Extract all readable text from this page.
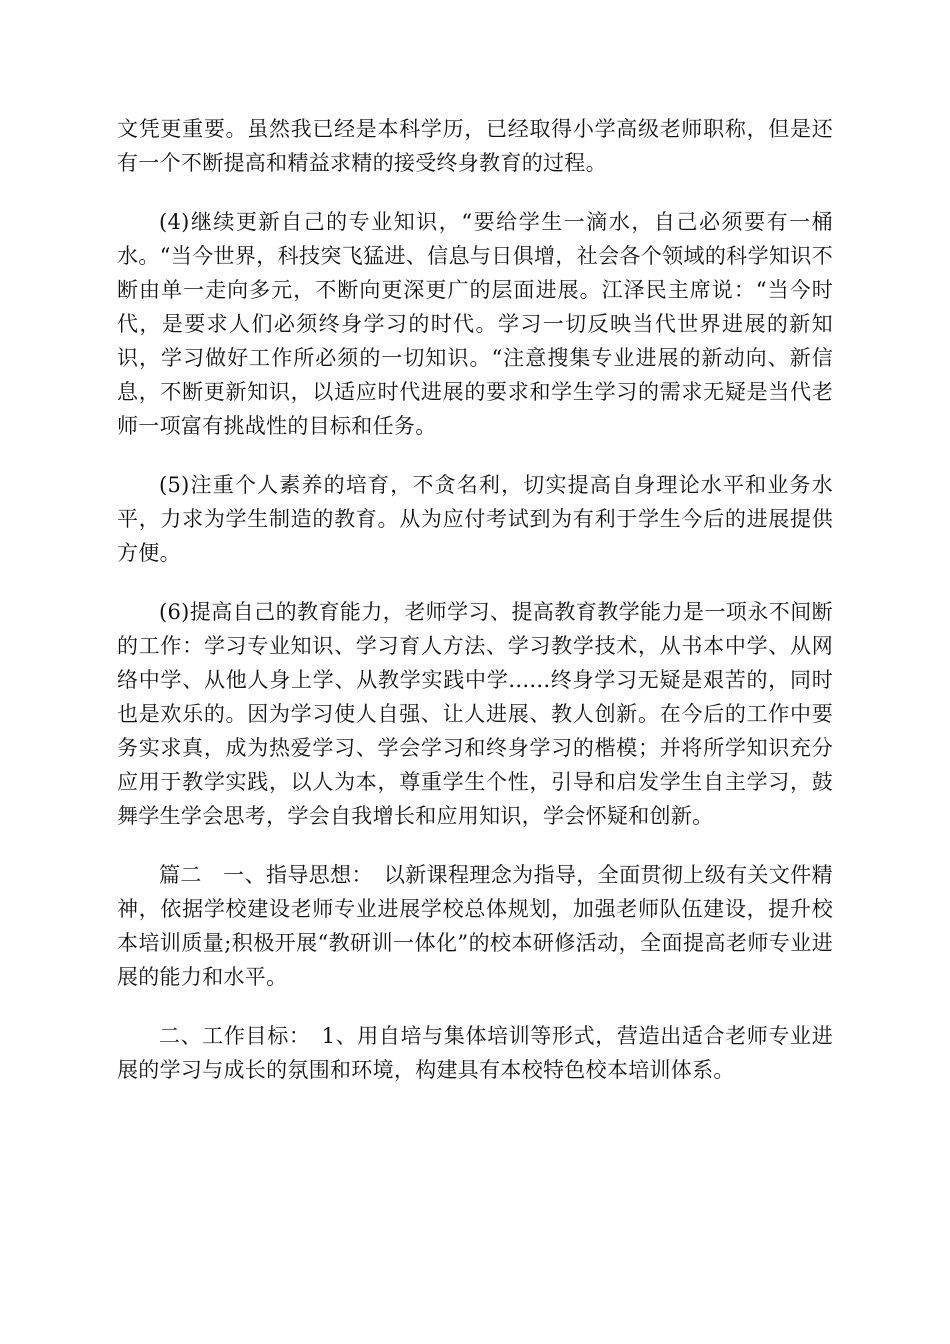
文凭更重要。虽然我已经是本科学历，已经取得小学高级老师职称，但是还有一个不断提高和精益求精的接受终身教育的过程。

(4)继续更新自己的专业知识，“要给学生一滴水，自己必须要有一桶水。“当今世界，科技突飞猛进、信息与日俱增，社会各个领域的科学知识不断由单一走向多元，不断向更深更广的层面进展。江泽民主席说：“当今时代，是要求人们必须终身学习的时代。学习一切反映当代世界进展的新知识，学习做好工作所必须的一切知识。“注意搜集专业进展的新动向、新信息，不断更新知识，以适应时代进展的要求和学生学习的需求无疑是当代老师一项富有挑战性的目标和任务。

(5)注重个人素养的培育，不贪名利，切实提高自身理论水平和业务水平，力求为学生制造的教育。从为应付考试到为有利于学生今后的进展提供方便。

(6)提高自己的教育能力，老师学习、提高教育教学能力是一项永不间断的工作：学习专业知识、学习育人方法、学习教学技术，从书本中学、从网络中学、从他人身上学、从教学实践中学......终身学习无疑是艰苦的，同时也是欢乐的。因为学习使人自强、让人进展、教人创新。在今后的工作中要务实求真，成为热爱学习、学会学习和终身学习的楷模；并将所学知识充分应用于教学实践，以人为本，尊重学生个性，引导和启发学生自主学习，鼓舞学生学会思考，学会自我增长和应用知识，学会怀疑和创新。

篇二　一、指导思想：　以新课程理念为指导，全面贯彻上级有关文件精神，依据学校建设老师专业进展学校总体规划，加强老师队伍建设，提升校本培训质量;积极开展“教研训一体化”的校本研修活动，全面提高老师专业进展的能力和水平。

二、工作目标：　1、用自培与集体培训等形式，营造出适合老师专业进展的学习与成长的氛围和环境，构建具有本校特色校本培训体系。
